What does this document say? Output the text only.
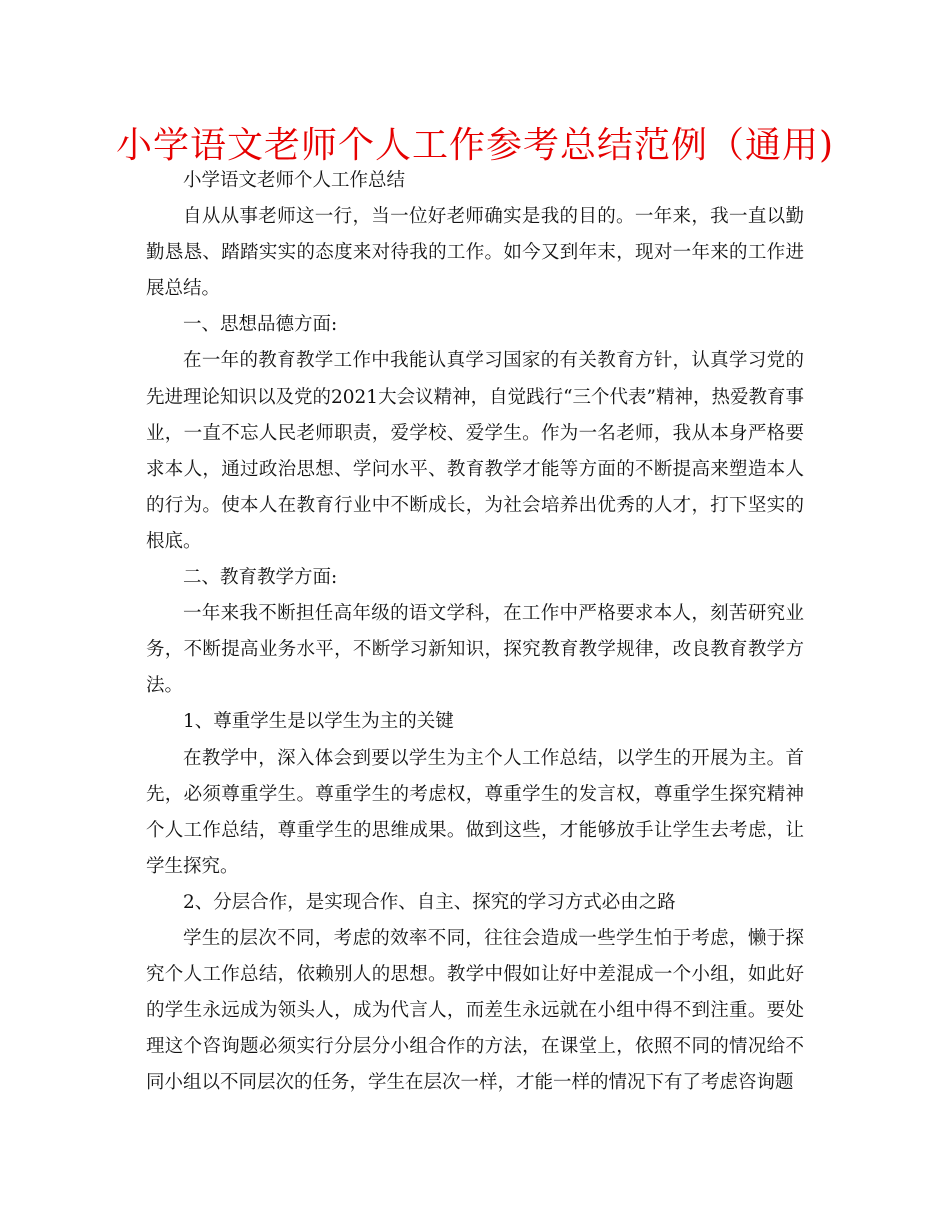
小学语文老师个人工作参考总结范例（通用)

小学语文老师个人工作总结

自从从事老师这一行，当一位好老师确实是我的目的。一年来，我一直以勤勤恳恳、踏踏实实的态度来对待我的工作。如今又到年末，现对一年来的工作进展总结。

一、思想品德方面:

在一年的教育教学工作中我能认真学习国家的有关教育方针，认真学习党的先进理论知识以及党的2021大会议精神，自觉践行“三个代表”精神，热爱教育事业，一直不忘人民老师职责，爱学校、爱学生。作为一名老师，我从本身严格要求本人，通过政治思想、学问水平、教育教学才能等方面的不断提高来塑造本人的行为。使本人在教育行业中不断成长，为社会培养出优秀的人才，打下坚实的根底。

二、教育教学方面:

一年来我不断担任高年级的语文学科，在工作中严格要求本人，刻苦研究业务，不断提高业务水平，不断学习新知识，探究教育教学规律，改良教育教学方法。

1、尊重学生是以学生为主的关键

在教学中，深入体会到要以学生为主个人工作总结，以学生的开展为主。首先，必须尊重学生。尊重学生的考虑权，尊重学生的发言权，尊重学生探究精神个人工作总结，尊重学生的思维成果。做到这些，才能够放手让学生去考虑，让学生探究。

2、分层合作，是实现合作、自主、探究的学习方式必由之路

学生的层次不同，考虑的效率不同，往往会造成一些学生怕于考虑，懒于探究个人工作总结，依赖别人的思想。教学中假如让好中差混成一个小组，如此好的学生永远成为领头人，成为代言人，而差生永远就在小组中得不到注重。要处理这个咨询题必须实行分层分小组合作的方法，在课堂上，依照不同的情况给不同小组以不同层次的任务，学生在层次一样，才能一样的情况下有了考虑咨询题
